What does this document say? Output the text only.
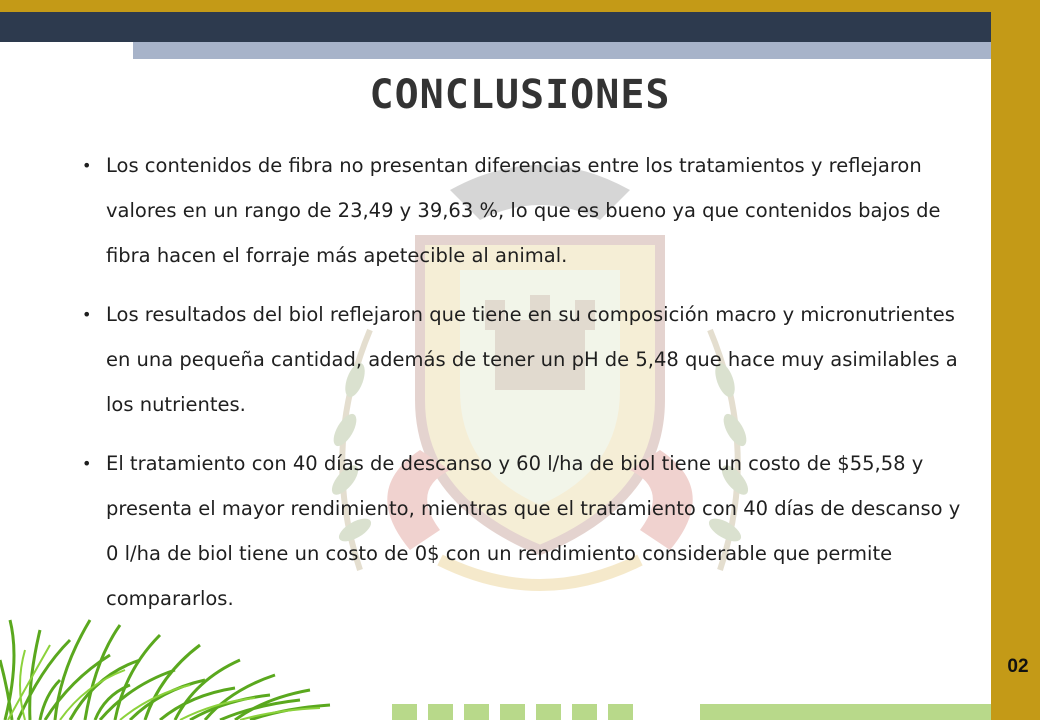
CONCLUSIONES
• Los contenidos de fibra no presentan diferencias entre los tratamientos y reflejaron valores en un rango de 23,49 y 39,63 %, lo que es bueno ya que contenidos bajos de fibra hacen el forraje más apetecible al animal.
• Los resultados del biol reflejaron que tiene en su composición macro y micronutrientes en una pequeña cantidad, además de tener un pH de 5,48 que hace muy asimilables a los nutrientes.
• El tratamiento con 40 días de descanso y 60 l/ha de biol tiene un costo de $55,58 y presenta el mayor rendimiento, mientras que el tratamiento con 40 días de descanso y 0 l/ha de biol tiene un costo de 0$ con un rendimiento considerable que permite compararlos.
02
